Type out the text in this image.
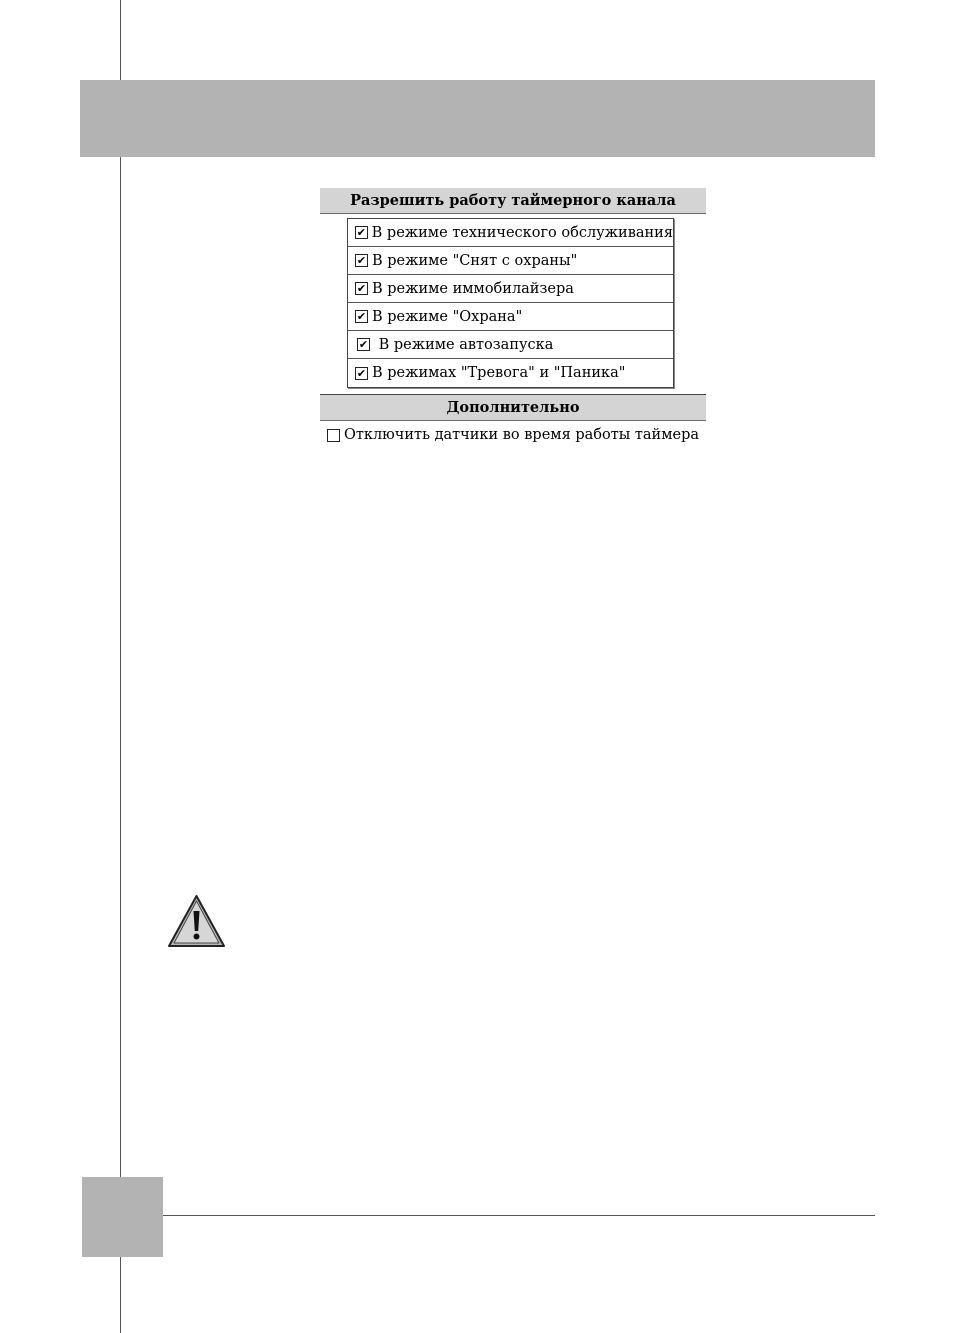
Разрешить работу таймерного канала
✔ В режиме технического обслуживания
✔ В режиме "Снят с охраны"
✔ В режиме иммобилайзера
✔ В режиме "Охрана"
✔ В режиме автозапуска
✔ В режимах "Тревога" и "Паника"
Дополнительно
Отключить датчики во время работы таймера
